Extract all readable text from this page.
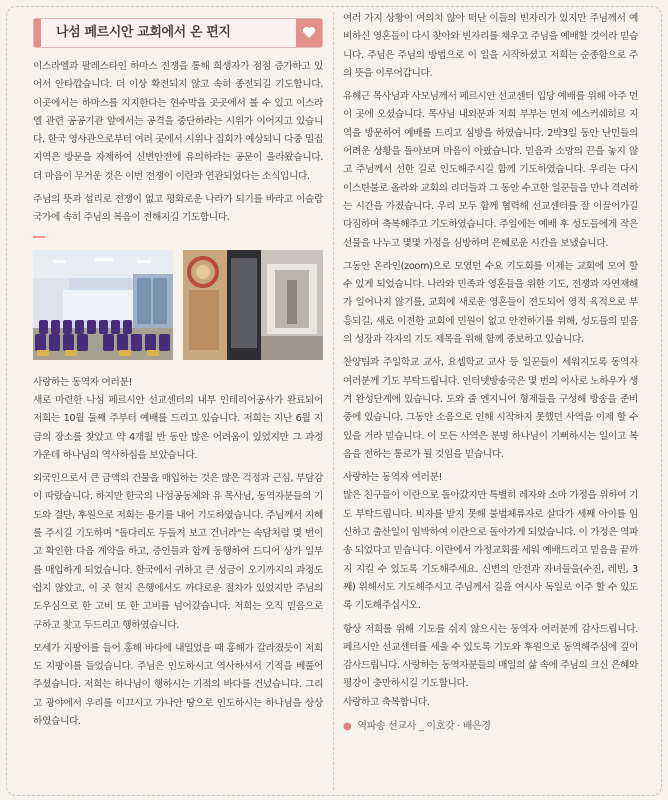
나섬 페르시안 교회에서 온 편지

이스라엘과 팔레스타인 하마스 전쟁을 통해 희생자가 점점 증가하고 있어서 안타깝습니다. 더 이상 확전되지 않고 속히 종전되길 기도합니다. 이곳에서는 하마스를 지지한다는 현수막을 곳곳에서 볼 수 있고 이스라엘 관련 공공기관 앞에서는 공격을 중단하라는 시위가 이어지고 있습니다. 한국 영사관으로부터 여러 곳에서 시위나 집회가 예상되니 다중 밀집 지역은 방문을 자제하여 신변안전에 유의하라는 공문이 올라왔습니다. 더 마음이 무거운 것은 이번 전쟁이 이란과 연관되었다는 소식입니다.

주님의 뜻과 섭리로 전쟁이 없고 평화로운 나라가 되기를 바라고 이슬람 국가에 속히 주님의 복음이 전해지길 기도합니다.

사랑하는 동역자 여러분!
새로 마련한 나섬 페르시안 선교센터의 내부 인테리어공사가 완료되어 저희는 10월 둘째 주부터 예배를 드리고 있습니다. 저희는 지난 6월 지금의 장소를 찾았고 약 4개월 반 동안 많은 어려움이 있었지만 그 과정 가운데 하나님의 역사하심을 보았습니다.

외국인으로서 큰 금액의 건물을 매입하는 것은 많은 걱정과 근심, 부담감이 따랐습니다. 하지만 한국의 나섬공동체와 유 목사님, 동역자분들의 기도와 결단, 후원으로 저희는 용기를 내어 기도하였습니다. 주님께서 지혜를 주시길 기도하며 "돌다리도 두들겨 보고 건너라"는 속담처럼 몇 번이고 확인한 다음 계약을 하고, 증인들과 함께 동행하여 드디어 상가 일부를 매입하게 되었습니다. 한국에서 귀하고 큰 성금이 오기까지의 과정도 쉽지 않았고, 이 곳 현지 은행에서도 까다로운 절차가 있었지만 주님의 도우심으로 한 고비 또 한 고비를 넘어갔습니다. 저희는 오직 믿음으로 구하고 찾고 두드리고 행하였습니다.

모세가 지팡이를 들어 홍해 바다에 내밀었을 때 홍해가 갈라졌듯이 저희도 지팡이를 들었습니다. 주님은 인도하시고 역사하셔서 기적을 베풀어 주셨습니다. 저희는 하나님이 행하시는 기적의 바다를 건넜습니다. 그리고 광야에서 우리를 이끄시고 가나안 땅으로 인도하시는 하나님을 상상하였습니다.

여러 가지 상황이 여의치 않아 떠난 이들의 빈자리가 있지만 주님께서 예비하신 영혼들이 다시 찾아와 빈자리를 채우고 주님을 예배할 것이라 믿습니다. 주님은 주님의 방법으로 이 일을 시작하셨고 저희는 순종함으로 주의 뜻을 이루어갑니다.

유해근 목사님과 사모님께서 페르시안 선교센터 입당 예배를 위해 아주 먼 이 곳에 오셨습니다. 목사님 내외분과 저희 부부는 먼저 에스커쉐히르 지역을 방문하여 예배를 드리고 심방을 하였습니다. 2박3일 동안 난민들의 어려운 상황을 돌아보며 마음이 아팠습니다. 믿음과 소망의 끈을 놓지 않고 주님께서 선한 길로 인도해주시길 함께 기도하였습니다. 우리는 다시 이스탄불로 올라와 교회의 리더들과 그 동안 수고한 일꾼들을 만나 격려하는 시간을 가졌습니다. 우리 모두 함께 협력해 선교센터를 잘 이끌어가길 다짐하며 축복해주고 기도하였습니다. 주일에는 예배 후 성도들에게 작은 선물을 나누고 몇몇 가정을 심방하며 은혜로운 시간을 보냈습니다.

그동안 온라인(zoom)으로 모였던 수요 기도회를 이제는 교회에 모여 할 수 있게 되었습니다. 나라와 민족과 영혼들을 위한 기도, 전쟁과 자연재해가 일어나지 않기를, 교회에 새로운 영혼들이 전도되어 영적 육적으로 부흥되길, 새로 이전한 교회에 민원이 없고 안전하기를 위해, 성도들의 믿음의 성장과 각자의 기도 제목을 위해 함께 중보하고 있습니다.

찬양팀과 주일학교 교사, 요셉학교 교사 등 일꾼들이 세워지도록 동역자 여러분께 기도 부탁드립니다. 인터넷방송국은 몇 번의 이사로 노하우가 생겨 완성단계에 있습니다. 도와 줄 엔지니어 형제들을 구성해 방송을 준비 중에 있습니다. 그동안 소음으로 인해 시작하지 못했던 사역을 이제 할 수 있을 거라 믿습니다. 이 모든 사역은 분명 하나님이 기뻐하시는 일이고 복음을 전하는 통로가 될 것임을 믿습니다.

사랑하는 동역자 여러분!
많은 친구들이 이란으로 돌아갔지만 특별히 레자와 소마 가정을 위하여 기도 부탁드립니다. 비자를 받지 못해 불법체류자로 살다가 세째 아이를 임신하고 출산일이 임박하여 이란으로 돌아가게 되었습니다. 이 가정은 역파송 되었다고 믿습니다. 이란에서 가정교회를 세워 예배드리고 믿음을 끝까지 지킬 수 있도록 기도해주세요. 신변의 안전과 자녀들을(수진, 레빈, 3째) 위해서도 기도해주시고 주님께서 길을 여시사 독일로 이주 할 수 있도록 기도해주십시오.

항상 저희를 위해 기도를 쉬지 않으시는 동역자 여러분께 감사드립니다. 페르시안 선교센터를 세울 수 있도록 기도와 후원으로 동역해주심에 깊이 감사드립니다. 사랑하는 동역자분들의 매일의 삶 속에 주님의 크신 은혜와 평강이 충만하시길 기도합니다.
사랑하고 축복합니다.

● 역파송 선교사 _ 이호갓 · 배은경
